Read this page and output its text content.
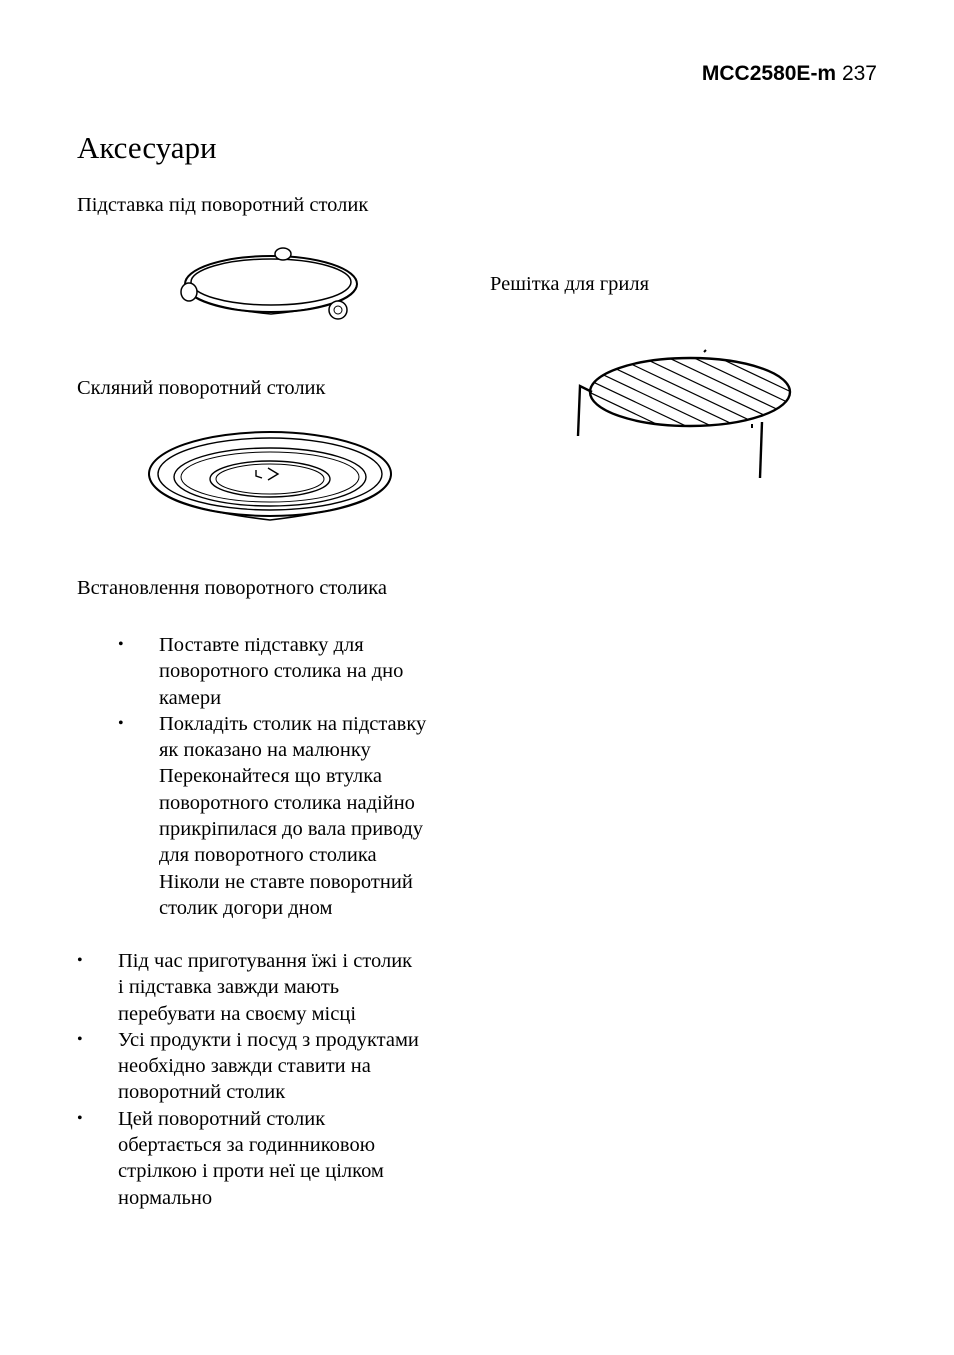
MCC2580E-m 237
Аксесуари
Підставка під поворотний столик
Решітка для гриля
Скляний поворотний столик
Встановлення поворотного столика
• Поставте підставку для
поворотного столика на дно
камери
• Покладіть столик на підставку
як показано на малюнку
Переконайтеся що втулка
поворотного столика надійно
прикріпилася до вала приводу
для поворотного столика
Ніколи не ставте поворотний
столик догори дном
• Під час приготування їжі і столик
і підставка завжди мають
перебувати на своєму місці
• Усі продукти і посуд з продуктами
необхідно завжди ставити на
поворотний столик
• Цей поворотний столик
обертається за годинниковою
стрілкою і проти неї це цілком
нормально
